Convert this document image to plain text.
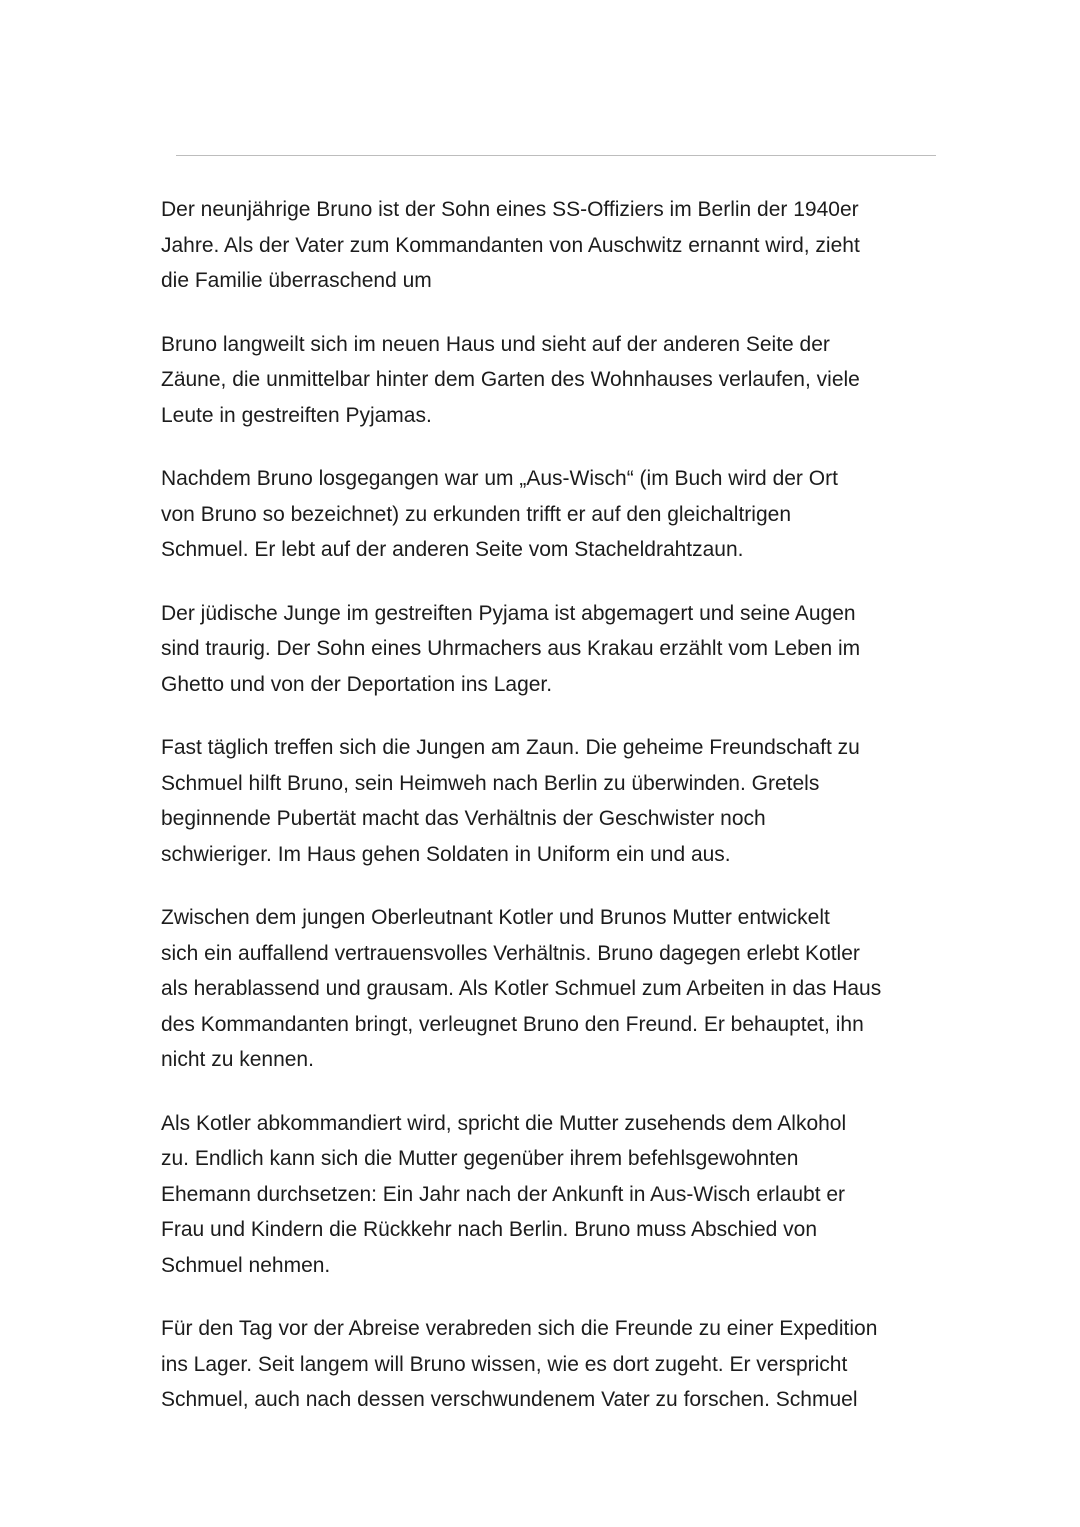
Der neunjährige Bruno ist der Sohn eines SS-Offiziers im Berlin der 1940er
Jahre. Als der Vater zum Kommandanten von Auschwitz ernannt wird, zieht
die Familie überraschend um

Bruno langweilt sich im neuen Haus und sieht auf der anderen Seite der
Zäune, die unmittelbar hinter dem Garten des Wohnhauses verlaufen, viele
Leute in gestreiften Pyjamas.

Nachdem Bruno losgegangen war um „Aus-Wisch“ (im Buch wird der Ort
von Bruno so bezeichnet) zu erkunden trifft er auf den gleichaltrigen
Schmuel. Er lebt auf der anderen Seite vom Stacheldrahtzaun.

Der jüdische Junge im gestreiften Pyjama ist abgemagert und seine Augen
sind traurig. Der Sohn eines Uhrmachers aus Krakau erzählt vom Leben im
Ghetto und von der Deportation ins Lager.

Fast täglich treffen sich die Jungen am Zaun. Die geheime Freundschaft zu
Schmuel hilft Bruno, sein Heimweh nach Berlin zu überwinden. Gretels
beginnende Pubertät macht das Verhältnis der Geschwister noch
schwieriger. Im Haus gehen Soldaten in Uniform ein und aus.

Zwischen dem jungen Oberleutnant Kotler und Brunos Mutter entwickelt
sich ein auffallend vertrauensvolles Verhältnis. Bruno dagegen erlebt Kotler
als herablassend und grausam. Als Kotler Schmuel zum Arbeiten in das Haus
des Kommandanten bringt, verleugnet Bruno den Freund. Er behauptet, ihn
nicht zu kennen.

Als Kotler abkommandiert wird, spricht die Mutter zusehends dem Alkohol
zu. Endlich kann sich die Mutter gegenüber ihrem befehlsgewohnten
Ehemann durchsetzen: Ein Jahr nach der Ankunft in Aus-Wisch erlaubt er
Frau und Kindern die Rückkehr nach Berlin. Bruno muss Abschied von
Schmuel nehmen.

Für den Tag vor der Abreise verabreden sich die Freunde zu einer Expedition
ins Lager. Seit langem will Bruno wissen, wie es dort zugeht. Er verspricht
Schmuel, auch nach dessen verschwundenem Vater zu forschen. Schmuel
